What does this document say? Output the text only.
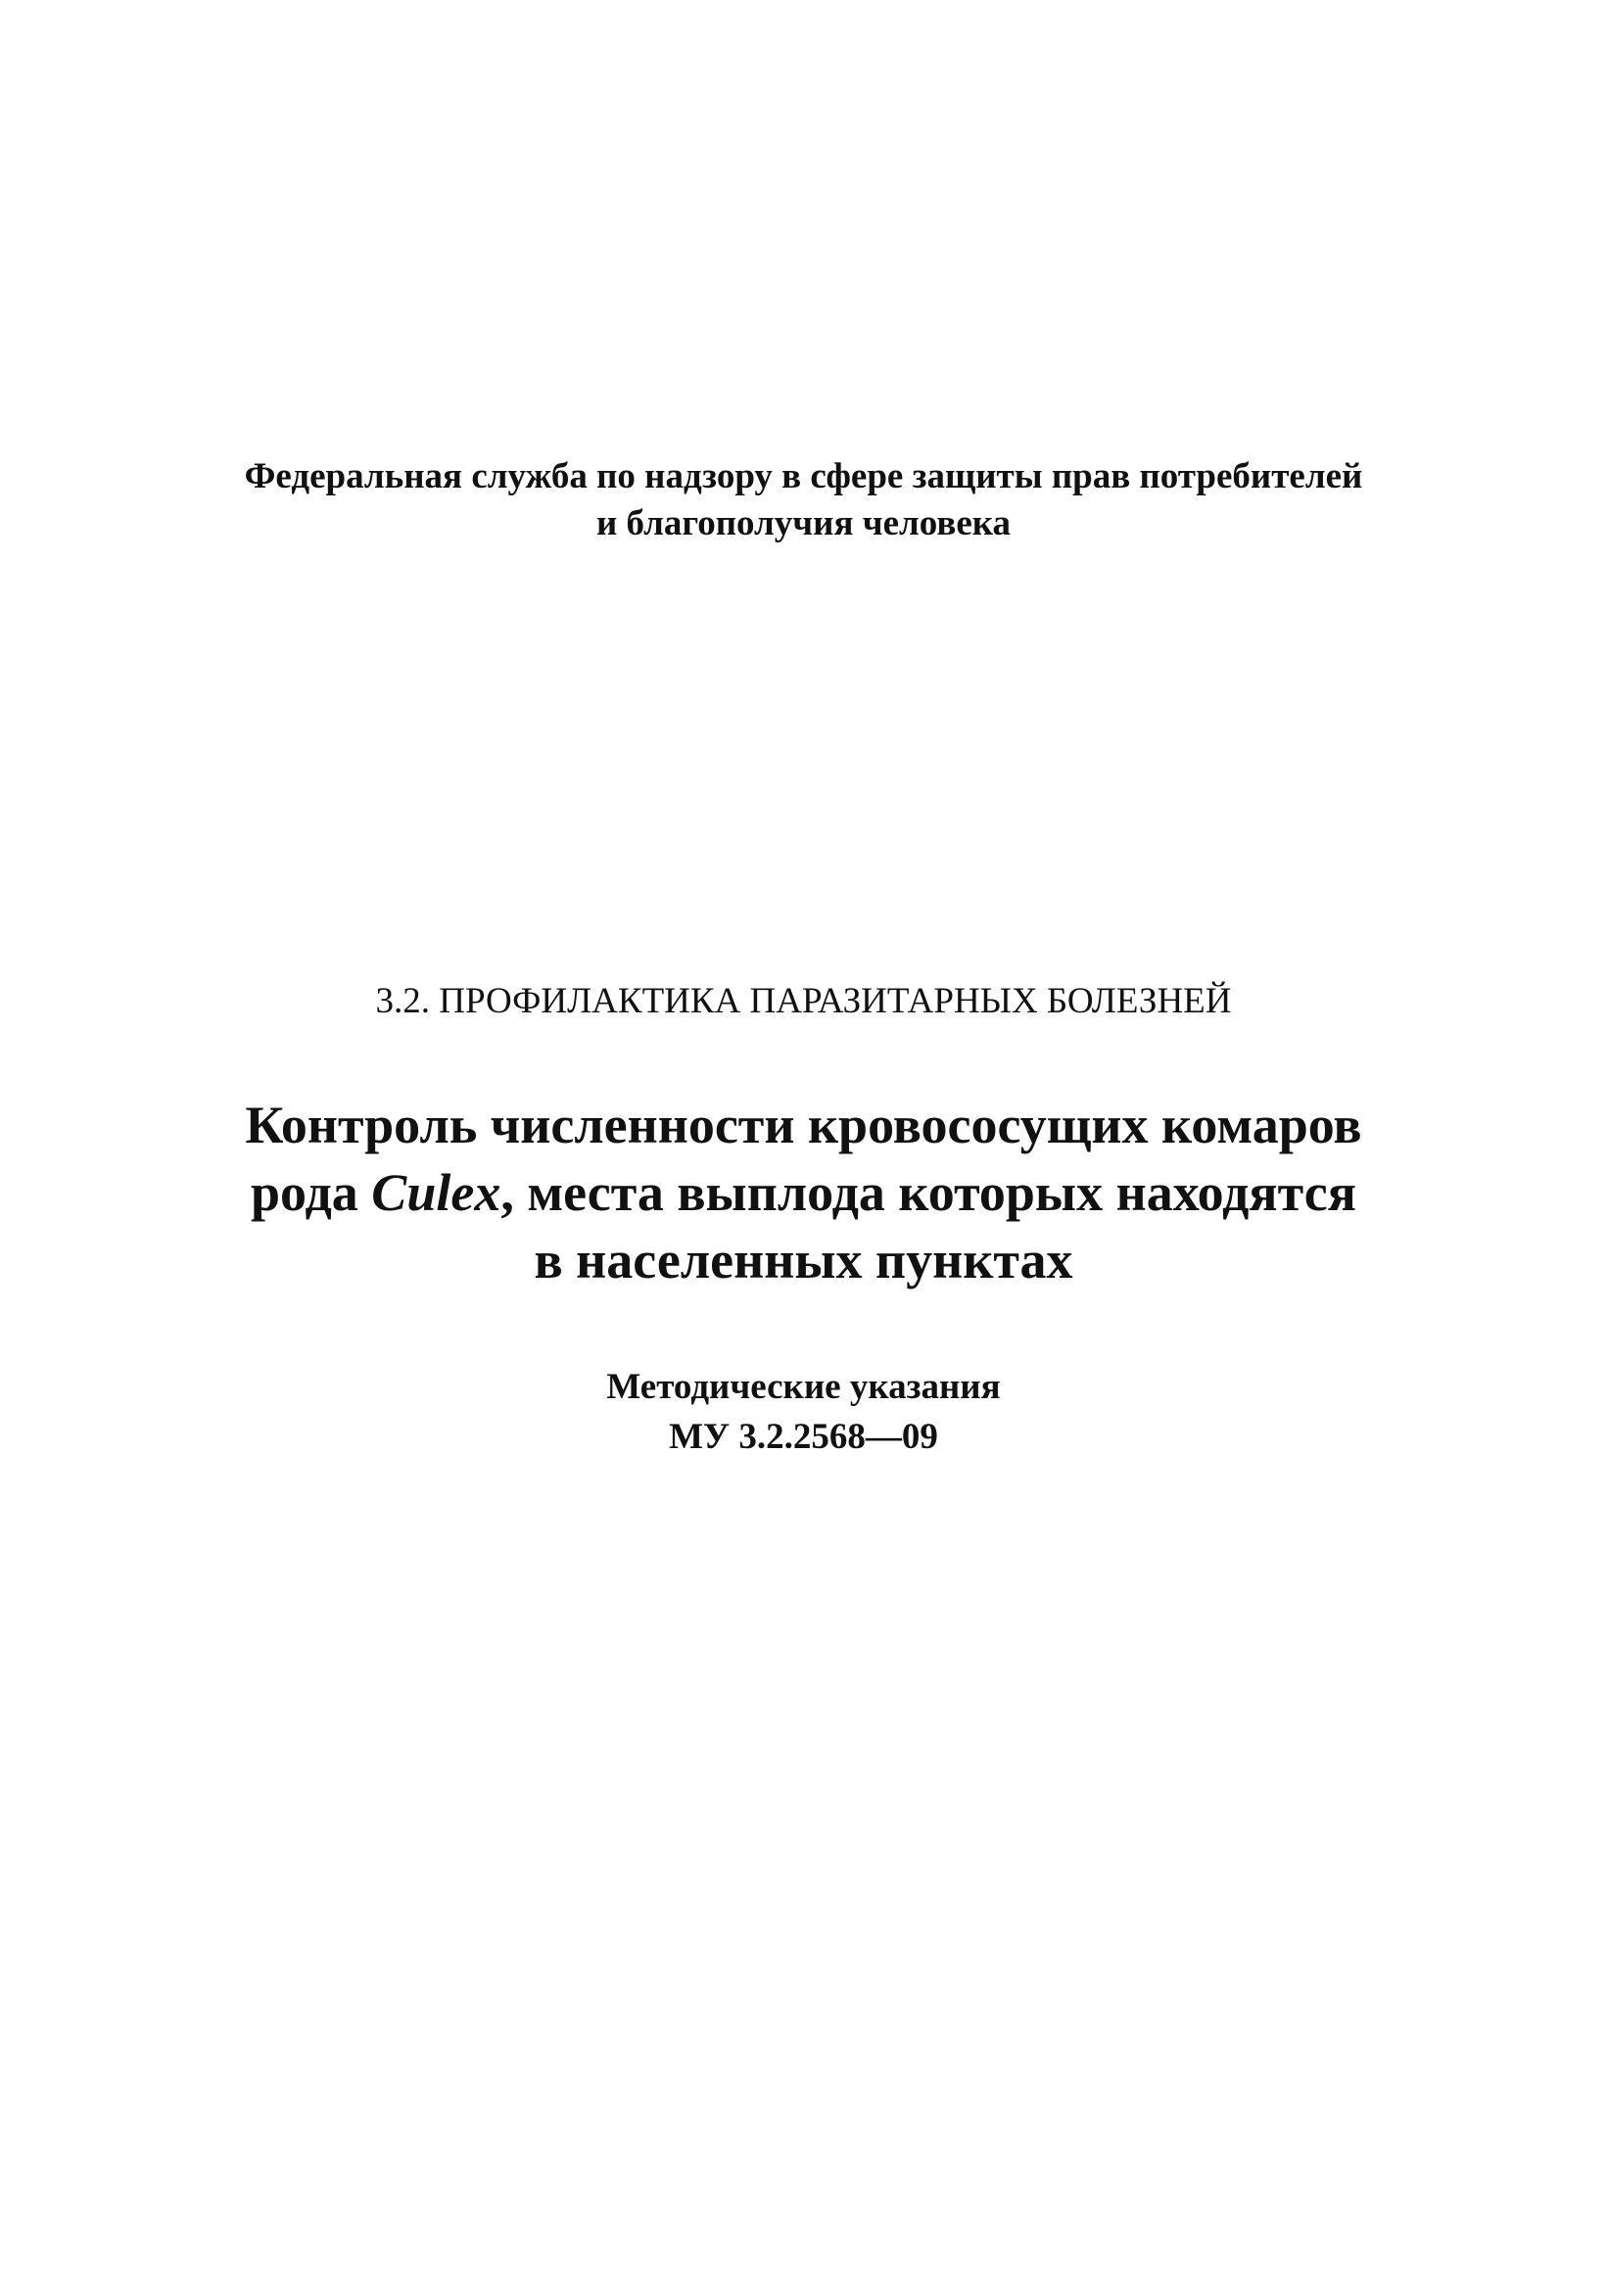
Федеральная служба по надзору в сфере защиты прав потребителей
и благополучия человека
3.2. ПРОФИЛАКТИКА ПАРАЗИТАРНЫХ БОЛЕЗНЕЙ
Контроль численности кровососущих комаров
рода Culex, места выплода которых находятся
в населенных пунктах
Методические указания
МУ 3.2.2568—09
